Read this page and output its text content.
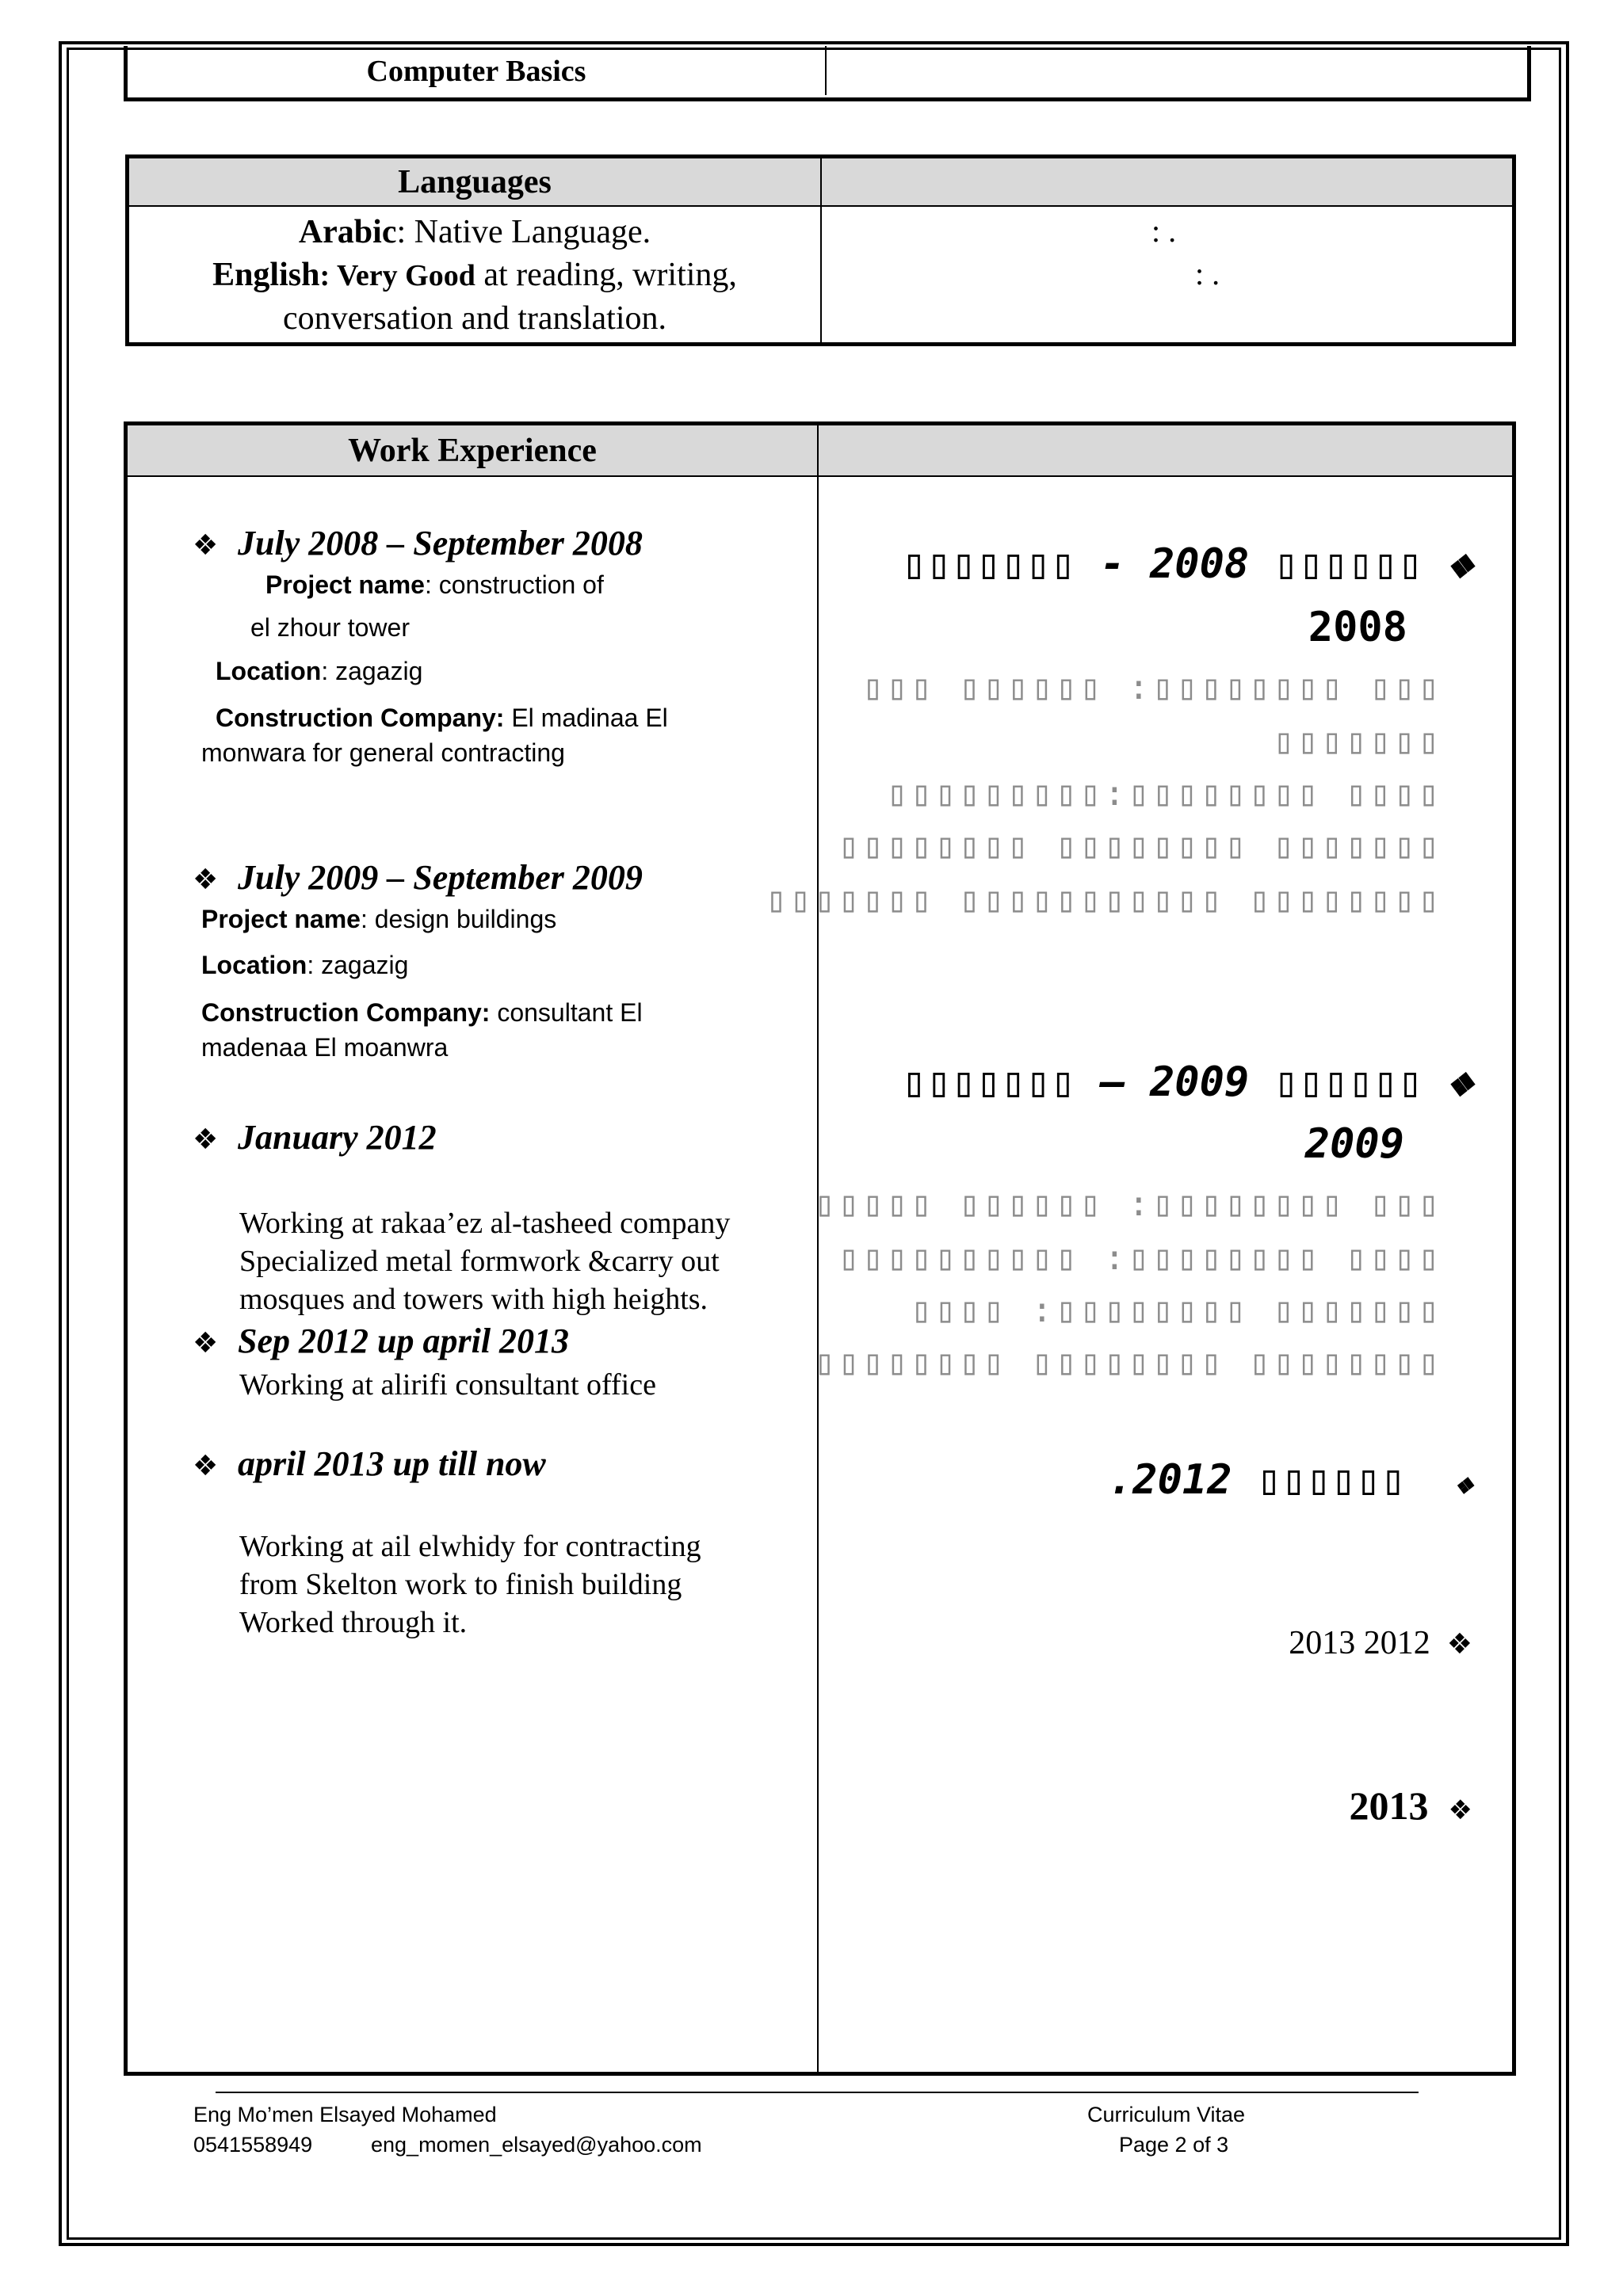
Computer Basics
Languages
Arabic: Native Language.
English: Very Good at reading, writing,
conversation and translation.
: .
: .
Work Experience
❖ July 2008 – September 2008
Project name: construction of
el zhour tower
Location: zagazig
Construction Company: El madinaa El
monwara for general contracting
❖ July 2009 – September 2009
Project name: design buildings
Location: zagazig
Construction Company: consultant El
madenaa El moanwra
❖ January 2012
Working at rakaa’ez al-tasheed company
Specialized metal formwork &carry out
mosques and towers with high heights.
❖ Sep 2012 up april 2013
Working at alirifi consultant office
❖ april 2013 up till now
Working at ail elwhidy for contracting
from Skelton work to finish building
Worked through it.
▯▯▯▯▯▯▯ - 2008 ▯▯▯▯▯▯ ❖
2008
▯▯▯ ▯▯▯▯▯▯ :▯▯▯▯▯▯▯▯ ▯▯▯
▯▯▯▯▯▯▯
▯▯▯▯▯▯▯▯▯:▯▯▯▯▯▯▯▯ ▯▯▯▯
▯▯▯▯▯▯▯▯ ▯▯▯▯▯▯▯▯ ▯▯▯▯▯▯▯
▯▯▯▯▯▯▯ ▯▯▯▯▯▯▯▯▯▯▯ ▯▯▯▯▯▯▯▯
▯▯▯▯▯▯▯ – 2009 ▯▯▯▯▯▯ ❖
2009
▯▯▯▯▯ ▯▯▯▯▯▯ :▯▯▯▯▯▯▯▯ ▯▯▯
▯▯▯▯▯▯▯▯▯▯ :▯▯▯▯▯▯▯▯ ▯▯▯▯
▯▯▯▯ :▯▯▯▯▯▯▯▯ ▯▯▯▯▯▯▯
▯▯▯▯▯▯▯▯ ▯▯▯▯▯▯▯▯ ▯▯▯▯▯▯▯▯
.2012 ▯▯▯▯▯▯ ❖
2013 2012 ❖
2013 ❖
Eng Mo’men Elsayed Mohamed
0541558949	eng_momen_elsayed@yahoo.com
Curriculum Vitae
Page 2 of 3
